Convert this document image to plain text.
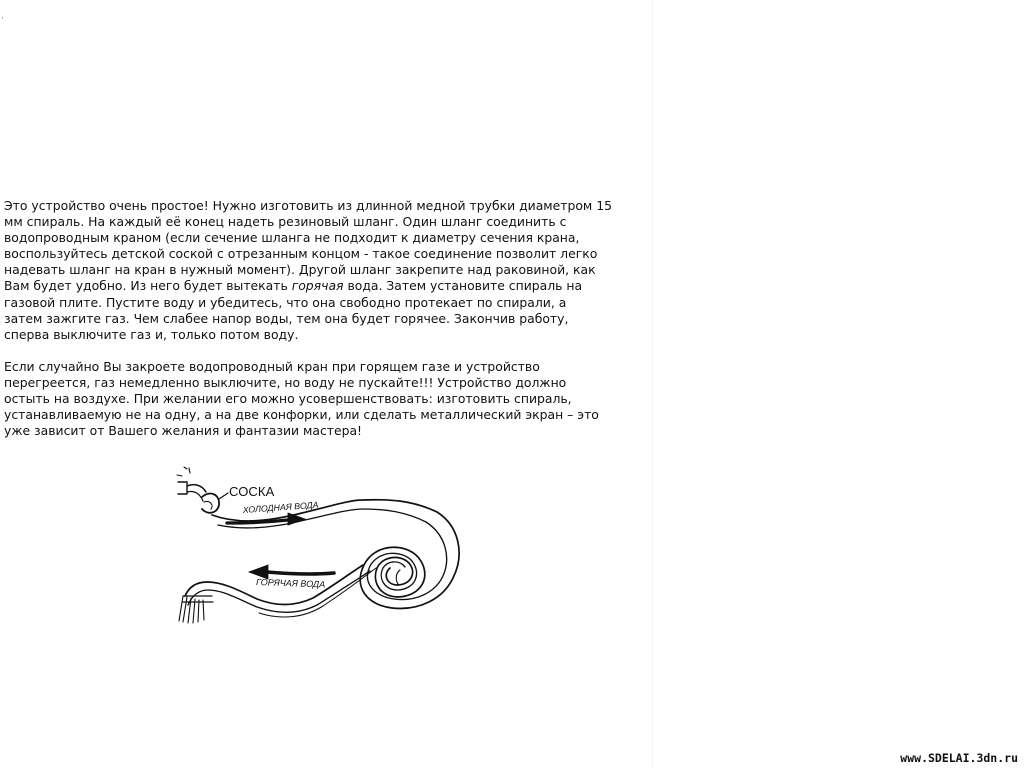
·

Это устройство очень простое! Нужно изготовить из длинной медной трубки диаметром 15
мм спираль. На каждый её конец надеть резиновый шланг. Один шланг соединить с
водопроводным краном (если сечение шланга не подходит к диаметру сечения крана,
воспользуйтесь детской соской с отрезанным концом - такое соединение позволит легко
надевать шланг на кран в нужный момент). Другой шланг закрепите над раковиной, как
Вам будет удобно. Из него будет вытекать горячая вода. Затем установите спираль на
газовой плите. Пустите воду и убедитесь, что она свободно протекает по спирали, а
затем зажгите газ. Чем слабее напор воды, тем она будет горячее. Закончив работу,
сперва выключите газ и, только потом воду.

Если случайно Вы закроете водопроводный кран при горящем газе и устройство
перегреется, газ немедленно выключите, но воду не пускайте!!! Устройство должно
остыть на воздухе. При желании его можно усовершенствовать: изготовить спираль,
устанавливаемую не на одну, а на две конфорки, или сделать металлический экран – это
уже зависит от Вашего желания и фантазии мастера!

СОСКА
ХОЛОДНАЯ ВОДА
ГОРЯЧАЯ ВОДА
www.SDELAI.3dn.ru
